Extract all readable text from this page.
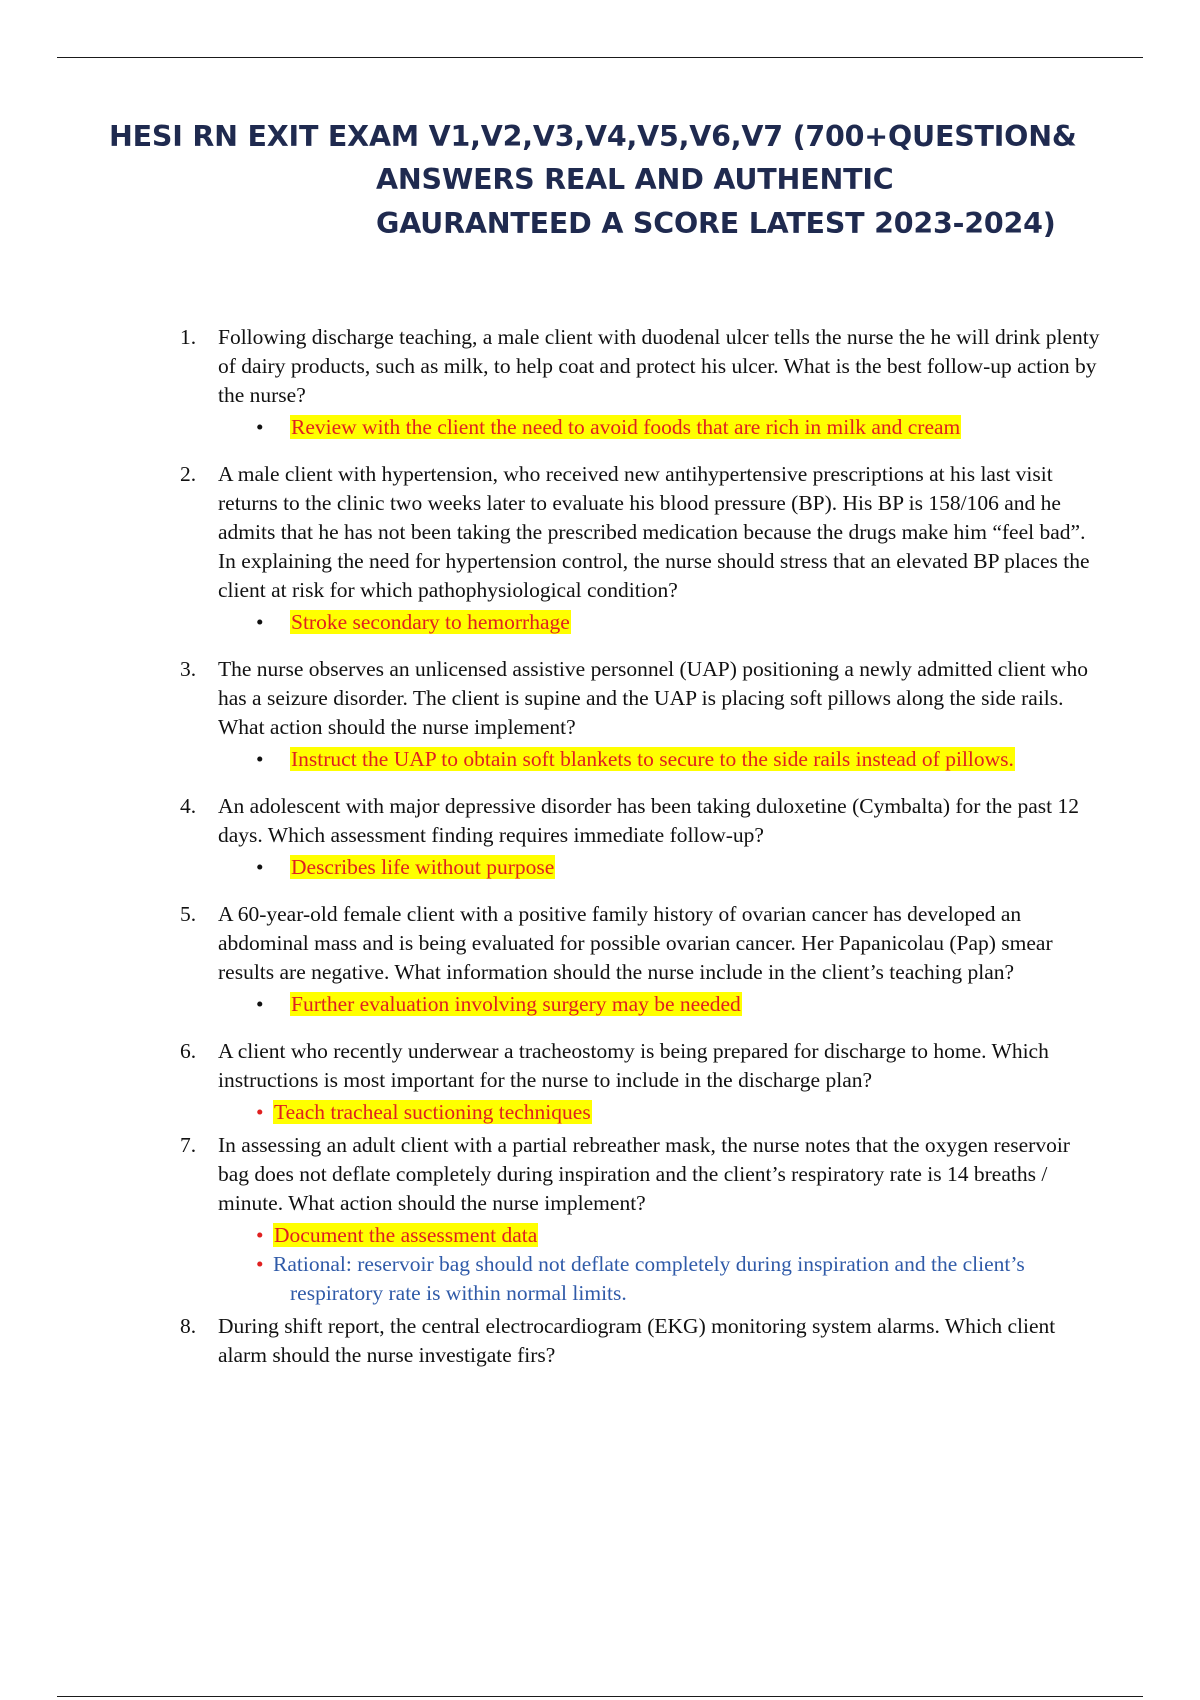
HESI RN EXIT EXAM V1,V2,V3,V4,V5,V6,V7 (700+QUESTION&
ANSWERS REAL AND AUTHENTIC
GAURANTEED A SCORE LATEST 2023-2024)
1. Following discharge teaching, a male client with duodenal ulcer tells the nurse the he will drink plenty of dairy products, such as milk, to help coat and protect his ulcer. What is the best follow-up action by the nurse?

• Review with the client the need to avoid foods that are rich in milk and cream
2. A male client with hypertension, who received new antihypertensive prescriptions at his last visit returns to the clinic two weeks later to evaluate his blood pressure (BP). His BP is 158/106 and he admits that he has not been taking the prescribed medication because the drugs make him “feel bad”. In explaining the need for hypertension control, the nurse should stress that an elevated BP places the client at risk for which pathophysiological condition?

• Stroke secondary to hemorrhage
3. The nurse observes an unlicensed assistive personnel (UAP) positioning a newly admitted client who has a seizure disorder. The client is supine and the UAP is placing soft pillows along the side rails. What action should the nurse implement?

• Instruct the UAP to obtain soft blankets to secure to the side rails instead of pillows.
4. An adolescent with major depressive disorder has been taking duloxetine (Cymbalta) for the past 12 days. Which assessment finding requires immediate follow-up?

• Describes life without purpose
5. A 60-year-old female client with a positive family history of ovarian cancer has developed an abdominal mass and is being evaluated for possible ovarian cancer. Her Papanicolau (Pap) smear results are negative. What information should the nurse include in the client’s teaching plan?

• Further evaluation involving surgery may be needed
6. A client who recently underwear a tracheostomy is being prepared for discharge to home. Which instructions is most important for the nurse to include in the discharge plan?

• Teach tracheal suctioning techniques
7. In assessing an adult client with a partial rebreather mask, the nurse notes that the oxygen reservoir bag does not deflate completely during inspiration and the client’s respiratory rate is 14 breaths / minute. What action should the nurse implement?

• Document the assessment data
• Rational: reservoir bag should not deflate completely during inspiration and the client’s respiratory rate is within normal limits.
8. During shift report, the central electrocardiogram (EKG) monitoring system alarms. Which client alarm should the nurse investigate firs?
